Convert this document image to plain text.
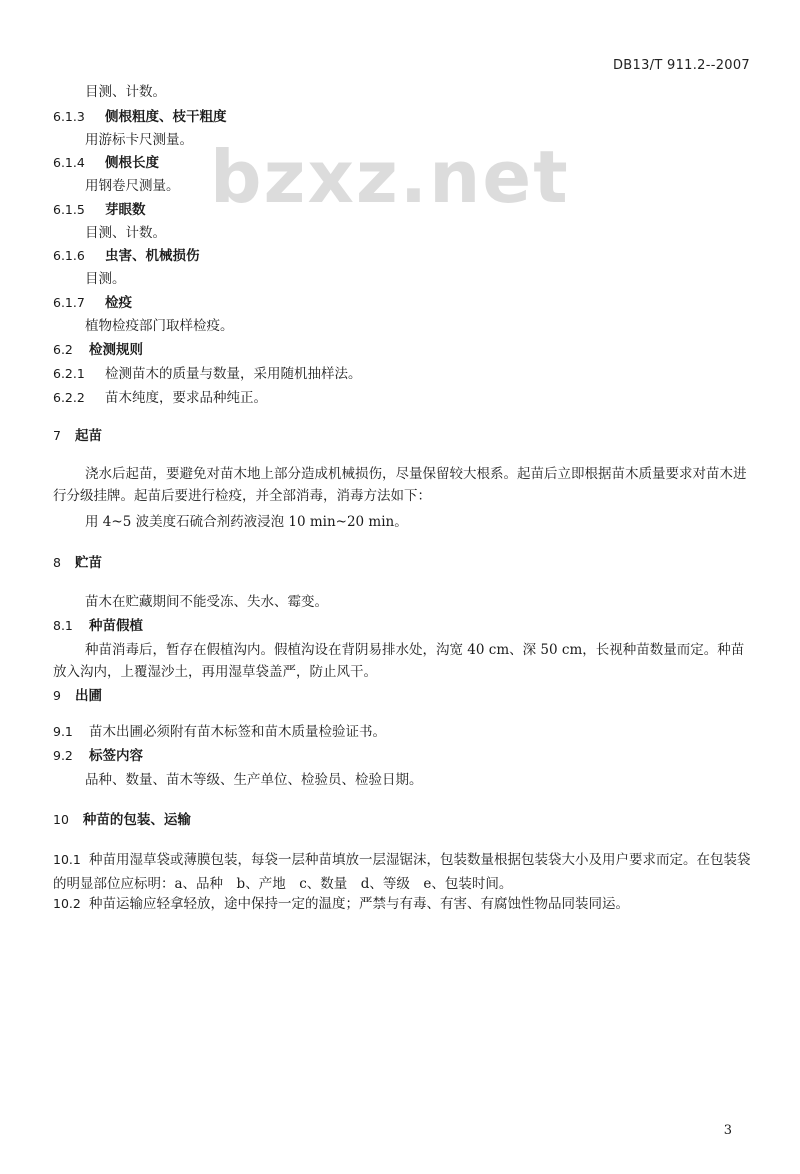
DB13/T 911.2--2007
bzxz.net
目测、计数。
6.1.3 侧根粗度、枝干粗度
用游标卡尺测量。
6.1.4 侧根长度
用钢卷尺测量。
6.1.5 芽眼数
目测、计数。
6.1.6 虫害、机械损伤
目测。
6.1.7 检疫
植物检疫部门取样检疫。
6.2 检测规则
6.2.1 检测苗木的质量与数量，采用随机抽样法。
6.2.2 苗木纯度，要求品种纯正。
7 起苗
浇水后起苗，要避免对苗木地上部分造成机械损伤，尽量保留较大根系。起苗后立即根据苗木质量要求对苗木进行分级挂牌。起苗后要进行检疫，并全部消毒，消毒方法如下：
用 4~5 波美度石硫合剂药液浸泡 10 min~20 min。
8 贮苗
苗木在贮藏期间不能受冻、失水、霉变。
8.1 种苗假植
种苗消毒后，暂存在假植沟内。假植沟设在背阴易排水处，沟宽 40 cm、深 50 cm，长视种苗数量而定。种苗放入沟内，上覆湿沙土，再用湿草袋盖严，防止风干。
9 出圃
9.1 苗木出圃必须附有苗木标签和苗木质量检验证书。
9.2 标签内容
品种、数量、苗木等级、生产单位、检验员、检验日期。
10 种苗的包装、运输
10.1 种苗用湿草袋或薄膜包装，每袋一层种苗填放一层湿锯沫，包装数量根据包装袋大小及用户要求而定。在包装袋的明显部位应标明：a、品种　b、产地　c、数量　d、等级　e、包装时间。
10.2 种苗运输应轻拿轻放，途中保持一定的温度；严禁与有毒、有害、有腐蚀性物品同装同运。
3
